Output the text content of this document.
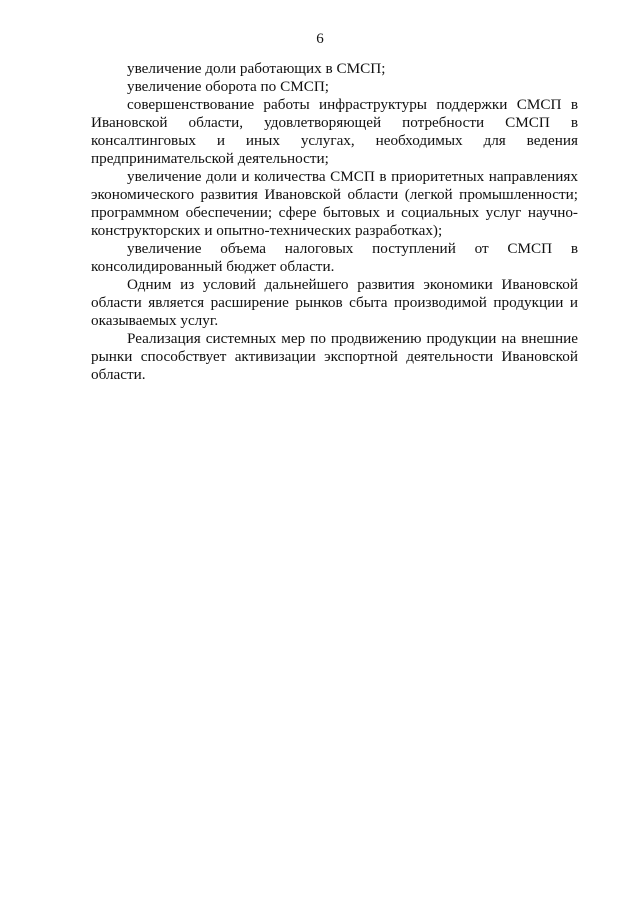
6

увеличение доли работающих в СМСП;

увеличение оборота по СМСП;

совершенствование работы инфраструктуры поддержки СМСП в Ивановской области, удовлетворяющей потребности СМСП в консалтинговых и иных услугах, необходимых для ведения предпринимательской деятельности;

увеличение доли и количества СМСП в приоритетных направлениях экономического развития Ивановской области (легкой промышленности; программном обеспечении; сфере бытовых и социальных услуг научно-конструкторских и опытно-технических разработках);

увеличение объема налоговых поступлений от СМСП в консолидированный бюджет области.

Одним из условий дальнейшего развития экономики Ивановской области является расширение рынков сбыта производимой продукции и оказываемых услуг.

Реализация системных мер по продвижению продукции на внешние рынки способствует активизации экспортной деятельности Ивановской области.
